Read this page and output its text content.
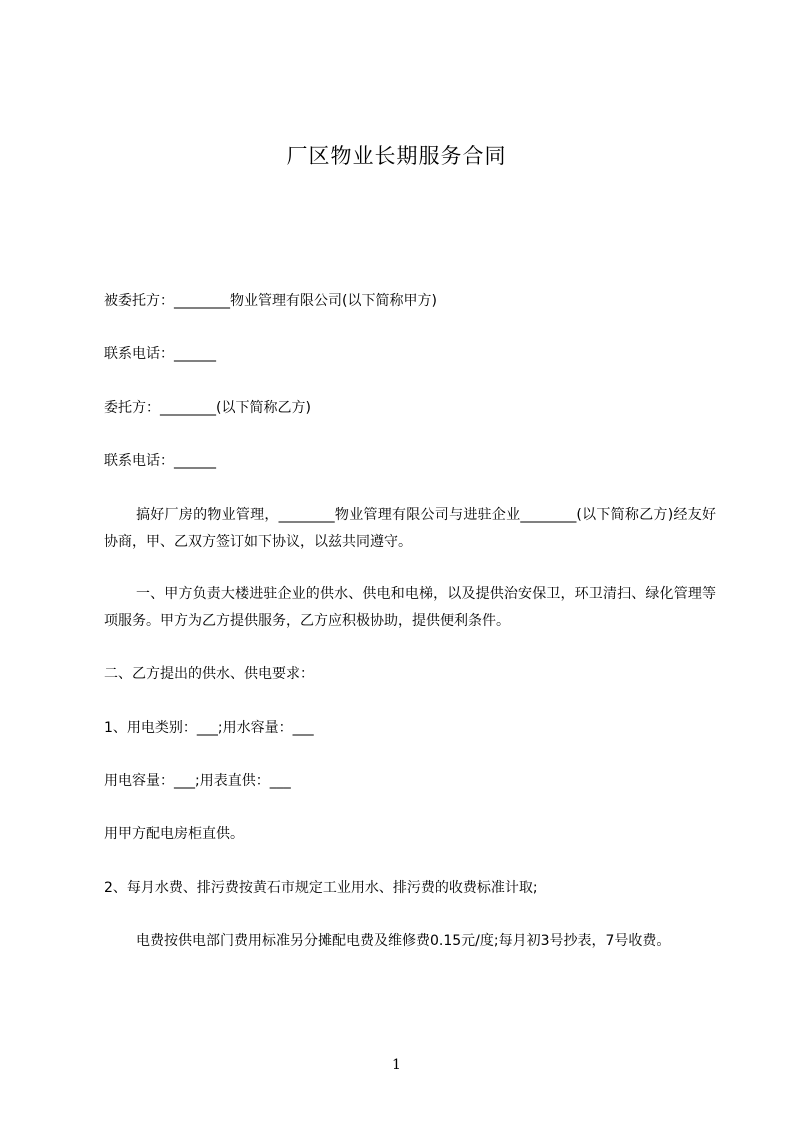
厂区物业长期服务合同
被委托方：________物业管理有限公司(以下简称甲方)
联系电话：______
委托方：________(以下简称乙方)
联系电话：______
搞好厂房的物业管理，________物业管理有限公司与进驻企业________(以下简称乙方)经友好协商，甲、乙双方签订如下协议，以兹共同遵守。
一、甲方负责大楼进驻企业的供水、供电和电梯，以及提供治安保卫，环卫清扫、绿化管理等项服务。甲方为乙方提供服务，乙方应积极协助，提供便利条件。
二、乙方提出的供水、供电要求：
1、用电类别：___;用水容量：___
用电容量：___;用表直供：___
用甲方配电房柜直供。
2、每月水费、排污费按黄石市规定工业用水、排污费的收费标准计取;
电费按供电部门费用标准另分摊配电费及维修费0.15元/度;每月初3号抄表，7号收费。
1
